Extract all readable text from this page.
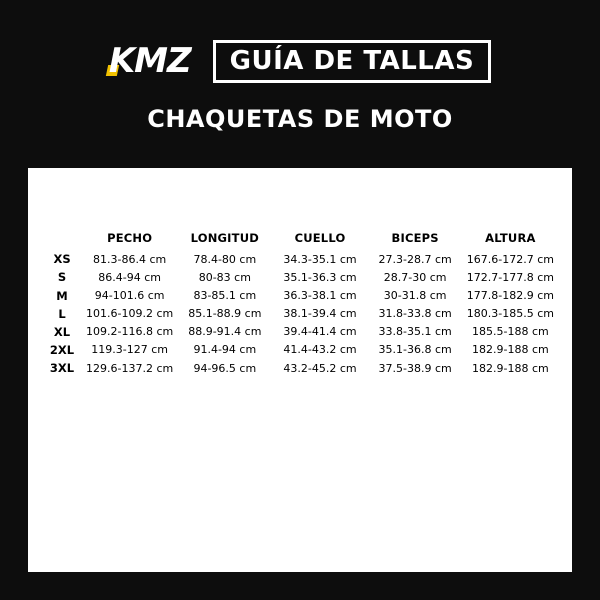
KMZ GUÍA DE TALLAS
CHAQUETAS DE MOTO
	PECHO	LONGITUD	CUELLO	BICEPS	ALTURA
XS	81.3-86.4 cm	78.4-80 cm	34.3-35.1 cm	27.3-28.7 cm	167.6-172.7 cm
S	86.4-94 cm	80-83 cm	35.1-36.3 cm	28.7-30 cm	172.7-177.8 cm
M	94-101.6 cm	83-85.1 cm	36.3-38.1 cm	30-31.8 cm	177.8-182.9 cm
L	101.6-109.2 cm	85.1-88.9 cm	38.1-39.4 cm	31.8-33.8 cm	180.3-185.5 cm
XL	109.2-116.8 cm	88.9-91.4 cm	39.4-41.4 cm	33.8-35.1 cm	185.5-188 cm
2XL	119.3-127 cm	91.4-94 cm	41.4-43.2 cm	35.1-36.8 cm	182.9-188 cm
3XL	129.6-137.2 cm	94-96.5 cm	43.2-45.2 cm	37.5-38.9 cm	182.9-188 cm
